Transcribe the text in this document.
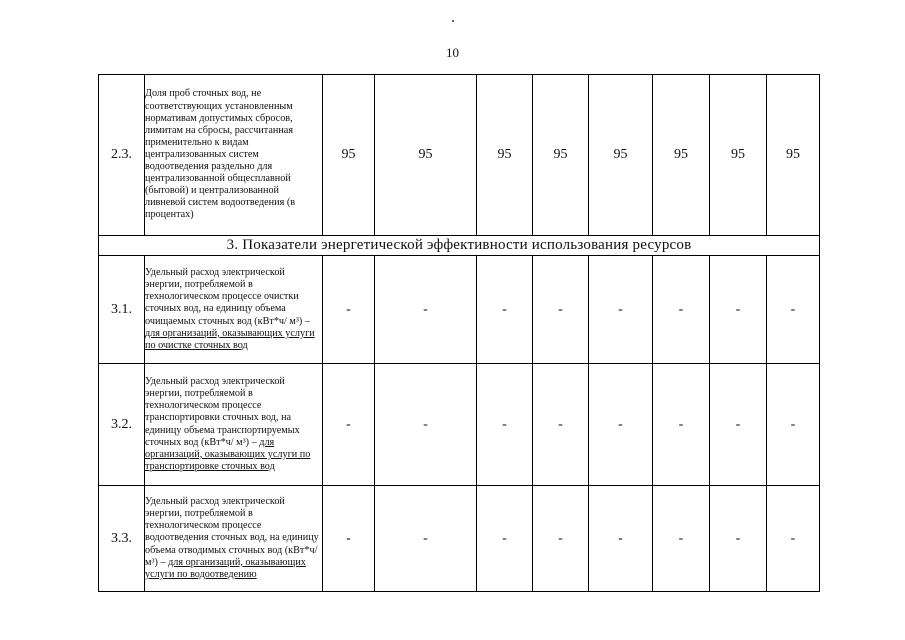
10
2.3.	Доля проб сточных вод, не соответствующих установленным нормативам допустимых сбросов, лимитам на сбросы, рассчитанная применительно к видам централизованных систем водоотведения раздельно для централизованной общесплавной (бытовой) и централизованной ливневой систем водоотведения (в процентах)	95	95	95	95	95	95	95	95
3. Показатели энергетической эффективности использования ресурсов									
3.1.	Удельный расход электрической энергии, потребляемой в технологическом процессе очистки сточных вод, на единицу объема очищаемых сточных вод (кВт*ч/ м³) – для организаций, оказывающих услуги по очистке сточных вод	-	-	-	-	-	-	-	-
3.2.	Удельный расход электрической энергии, потребляемой в технологическом процессе транспортировки сточных вод, на единицу объема транспортируемых сточных вод (кВт*ч/ м³) – для организаций, оказывающих услуги по транспортировке сточных вод	-	-	-	-	-	-	-	-
3.3.	Удельный расход электрической энергии, потребляемой в технологическом процессе водоотведения сточных вод, на единицу объема отводимых сточных вод (кВт*ч/ м³) – для организаций, оказывающих услуги по водоотведению	-	-	-	-	-	-	-	-
